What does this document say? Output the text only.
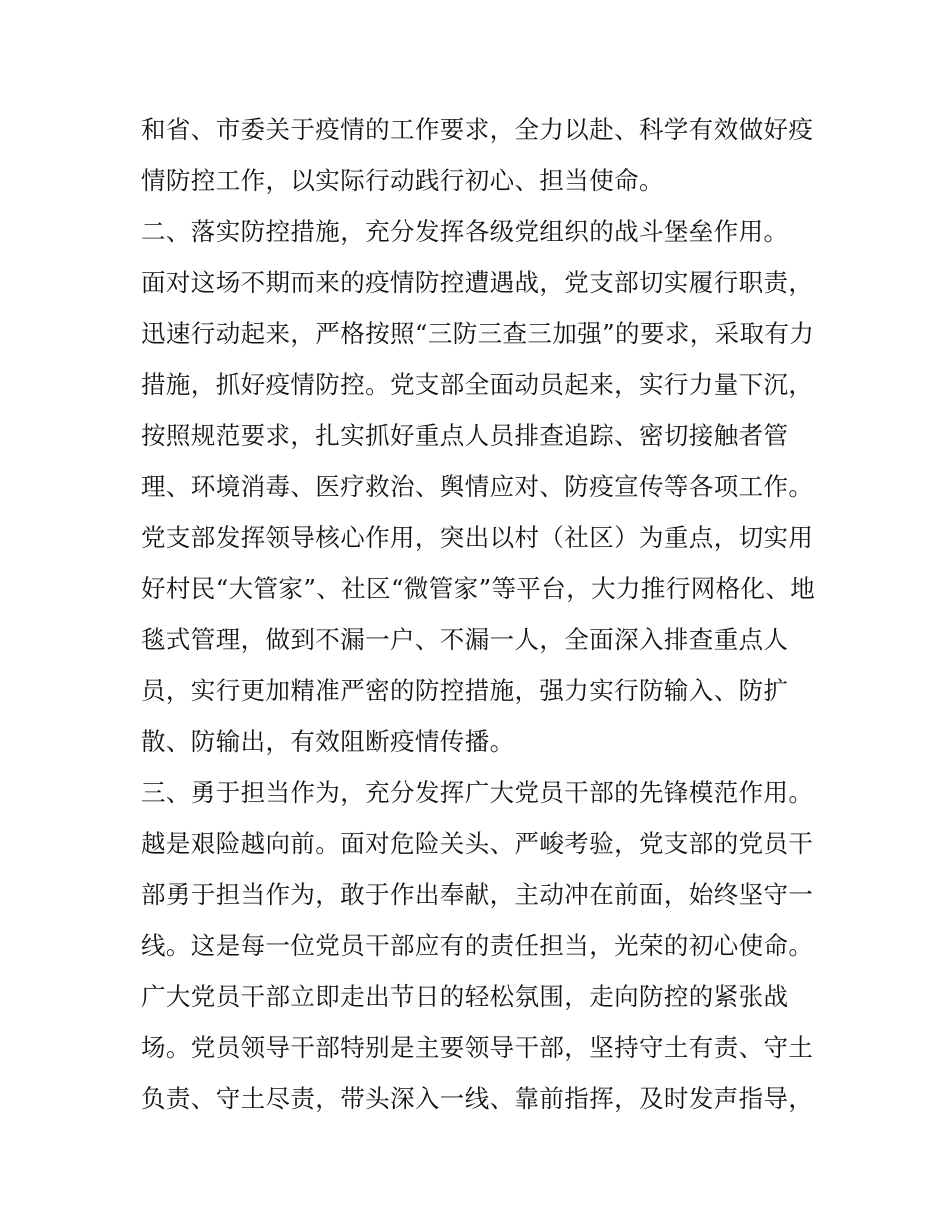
和省、市委关于疫情的工作要求，全力以赴、科学有效做好疫
情防控工作，以实际行动践行初心、担当使命。
二、落实防控措施，充分发挥各级党组织的战斗堡垒作用。
面对这场不期而来的疫情防控遭遇战，党支部切实履行职责，
迅速行动起来，严格按照“三防三查三加强”的要求，采取有力
措施，抓好疫情防控。党支部全面动员起来，实行力量下沉，
按照规范要求，扎实抓好重点人员排查追踪、密切接触者管
理、环境消毒、医疗救治、舆情应对、防疫宣传等各项工作。
党支部发挥领导核心作用，突出以村（社区）为重点，切实用
好村民“大管家”、社区“微管家”等平台，大力推行网格化、地
毯式管理，做到不漏一户、不漏一人，全面深入排查重点人
员，实行更加精准严密的防控措施，强力实行防输入、防扩
散、防输出，有效阻断疫情传播。
三、勇于担当作为，充分发挥广大党员干部的先锋模范作用。
越是艰险越向前。面对危险关头、严峻考验，党支部的党员干
部勇于担当作为，敢于作出奉献，主动冲在前面，始终坚守一
线。这是每一位党员干部应有的责任担当，光荣的初心使命。
广大党员干部立即走出节日的轻松氛围，走向防控的紧张战
场。党员领导干部特别是主要领导干部，坚持守土有责、守土
负责、守土尽责，带头深入一线、靠前指挥，及时发声指导，
